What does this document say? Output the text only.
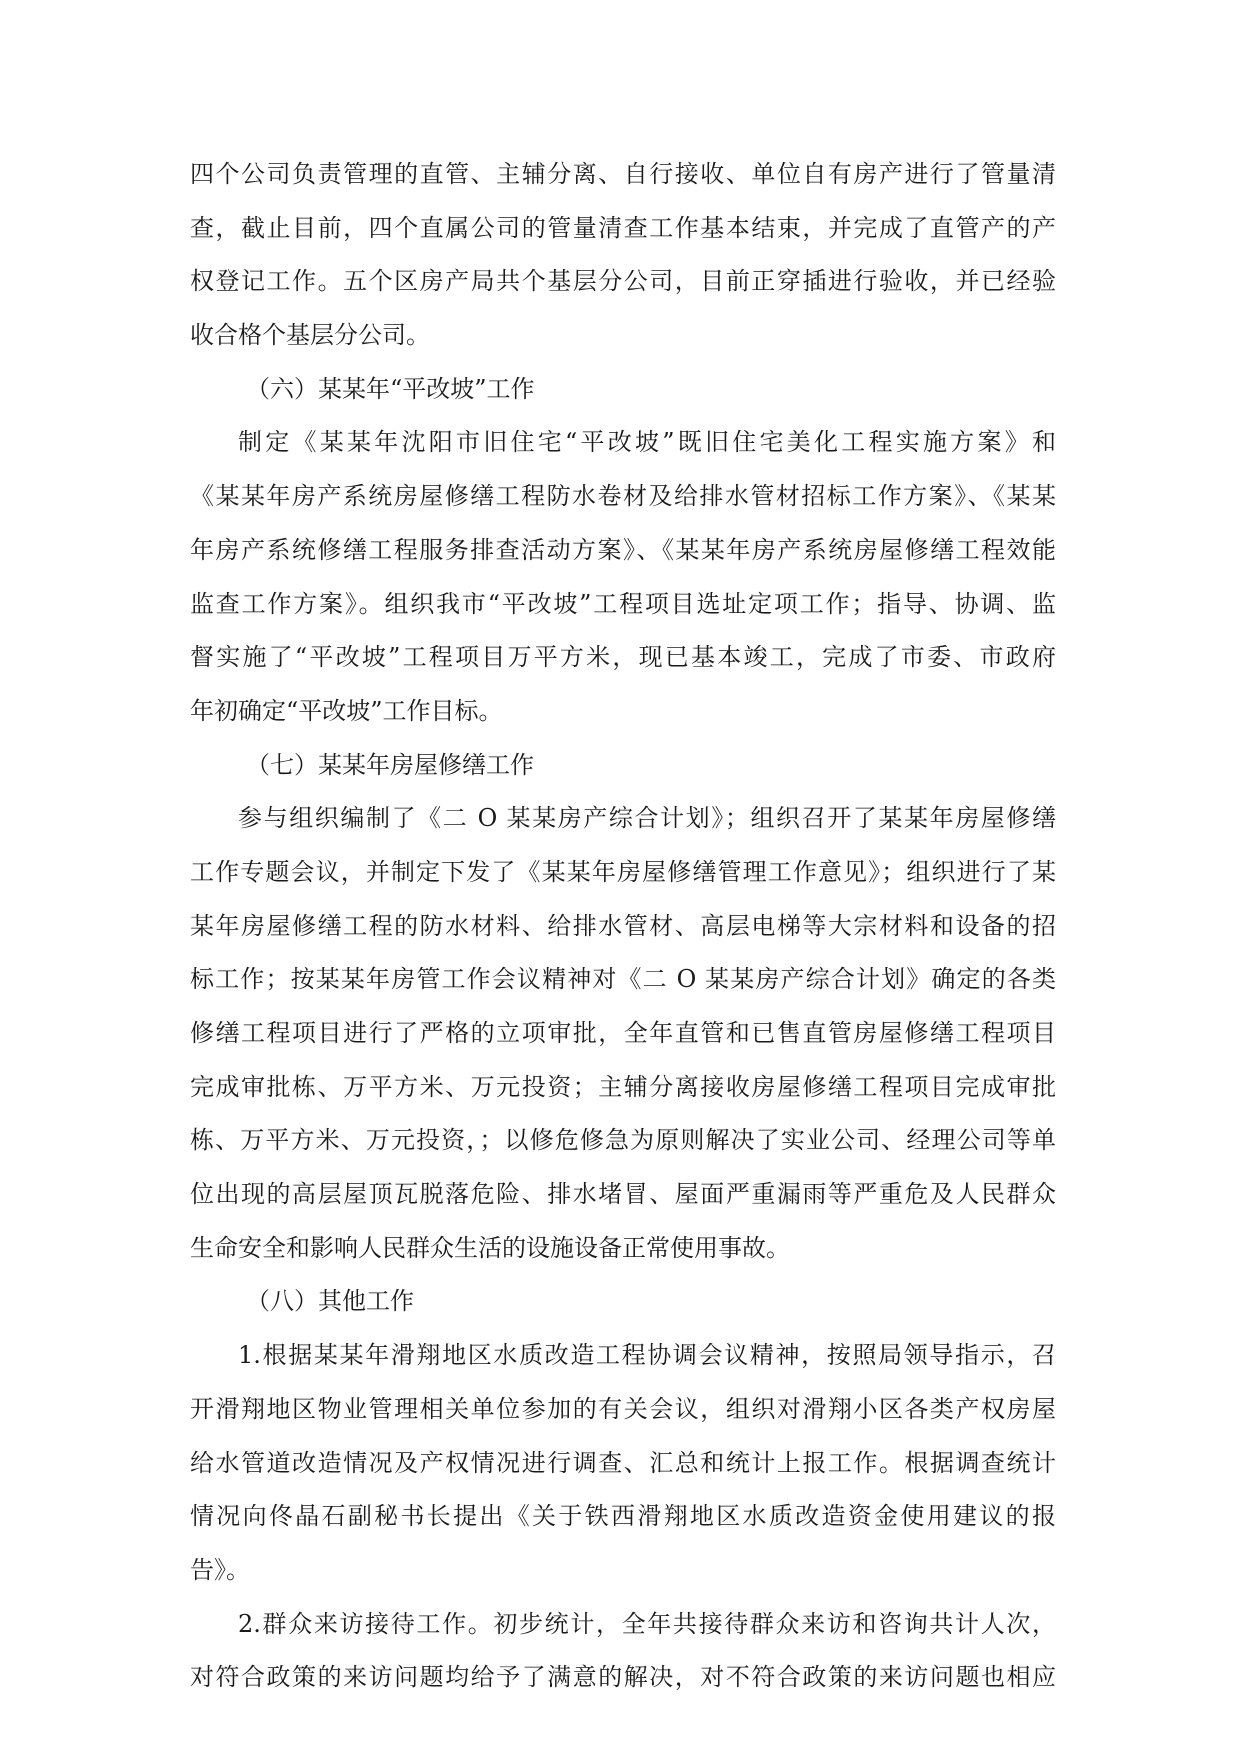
四个公司负责管理的直管、主辅分离、自行接收、单位自有房产进行了管量清
查，截止目前，四个直属公司的管量清查工作基本结束，并完成了直管产的产
权登记工作。五个区房产局共个基层分公司，目前正穿插进行验收，并已经验
收合格个基层分公司。
（六）某某年“平改坡”工作
制定《某某年沈阳市旧住宅“平改坡”既旧住宅美化工程实施方案》和
《某某年房产系统房屋修缮工程防水卷材及给排水管材招标工作方案》、《某某
年房产系统修缮工程服务排查活动方案》、《某某年房产系统房屋修缮工程效能
监查工作方案》。组织我市“平改坡”工程项目选址定项工作；指导、协调、监
督实施了“平改坡”工程项目万平方米，现已基本竣工，完成了市委、市政府
年初确定“平改坡”工作目标。
（七）某某年房屋修缮工作
参与组织编制了《二 O 某某房产综合计划》；组织召开了某某年房屋修缮
工作专题会议，并制定下发了《某某年房屋修缮管理工作意见》；组织进行了某
某年房屋修缮工程的防水材料、给排水管材、高层电梯等大宗材料和设备的招
标工作；按某某年房管工作会议精神对《二 O 某某房产综合计划》确定的各类
修缮工程项目进行了严格的立项审批，全年直管和已售直管房屋修缮工程项目
完成审批栋、万平方米、万元投资；主辅分离接收房屋修缮工程项目完成审批
栋、万平方米、万元投资，；以修危修急为原则解决了实业公司、经理公司等单
位出现的高层屋顶瓦脱落危险、排水堵冒、屋面严重漏雨等严重危及人民群众
生命安全和影响人民群众生活的设施设备正常使用事故。
（八）其他工作
1.根据某某年滑翔地区水质改造工程协调会议精神，按照局领导指示，召
开滑翔地区物业管理相关单位参加的有关会议，组织对滑翔小区各类产权房屋
给水管道改造情况及产权情况进行调查、汇总和统计上报工作。根据调查统计
情况向佟晶石副秘书长提出《关于铁西滑翔地区水质改造资金使用建议的报
告》。
2.群众来访接待工作。初步统计，全年共接待群众来访和咨询共计人次，
对符合政策的来访问题均给予了满意的解决，对不符合政策的来访问题也相应
